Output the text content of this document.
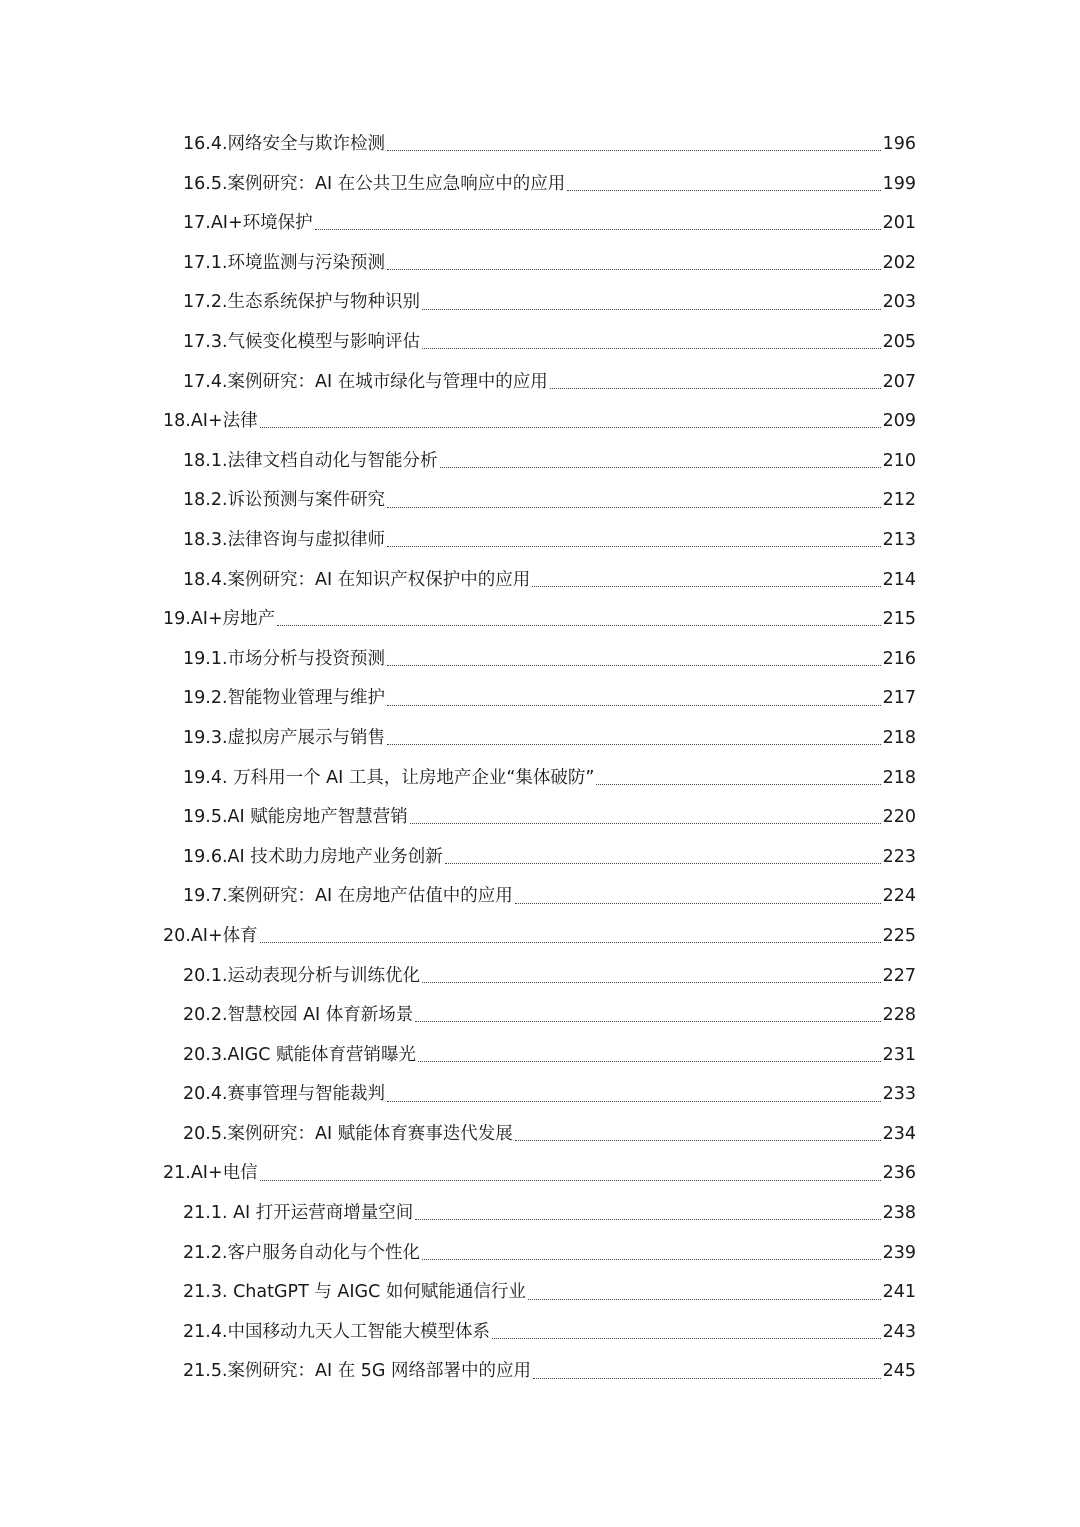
16.4.网络安全与欺诈检测	196
16.5.案例研究：AI 在公共卫生应急响应中的应用	199
17.AI+环境保护	201
17.1.环境监测与污染预测	202
17.2.生态系统保护与物种识别	203
17.3.气候变化模型与影响评估	205
17.4.案例研究：AI 在城市绿化与管理中的应用	207
18.AI+法律	209
18.1.法律文档自动化与智能分析	210
18.2.诉讼预测与案件研究	212
18.3.法律咨询与虚拟律师	213
18.4.案例研究：AI 在知识产权保护中的应用	214
19.AI+房地产	215
19.1.市场分析与投资预测	216
19.2.智能物业管理与维护	217
19.3.虚拟房产展示与销售	218
19.4. 万科用一个 AI 工具，让房地产企业“集体破防”	218
19.5.AI 赋能房地产智慧营销	220
19.6.AI 技术助力房地产业务创新	223
19.7.案例研究：AI 在房地产估值中的应用	224
20.AI+体育	225
20.1.运动表现分析与训练优化	227
20.2.智慧校园 AI 体育新场景	228
20.3.AIGC 赋能体育营销曝光	231
20.4.赛事管理与智能裁判	233
20.5.案例研究：AI 赋能体育赛事迭代发展	234
21.AI+电信	236
21.1. AI 打开运营商增量空间	238
21.2.客户服务自动化与个性化	239
21.3. ChatGPT 与 AIGC 如何赋能通信行业	241
21.4.中国移动九天人工智能大模型体系	243
21.5.案例研究：AI 在 5G 网络部署中的应用	245
